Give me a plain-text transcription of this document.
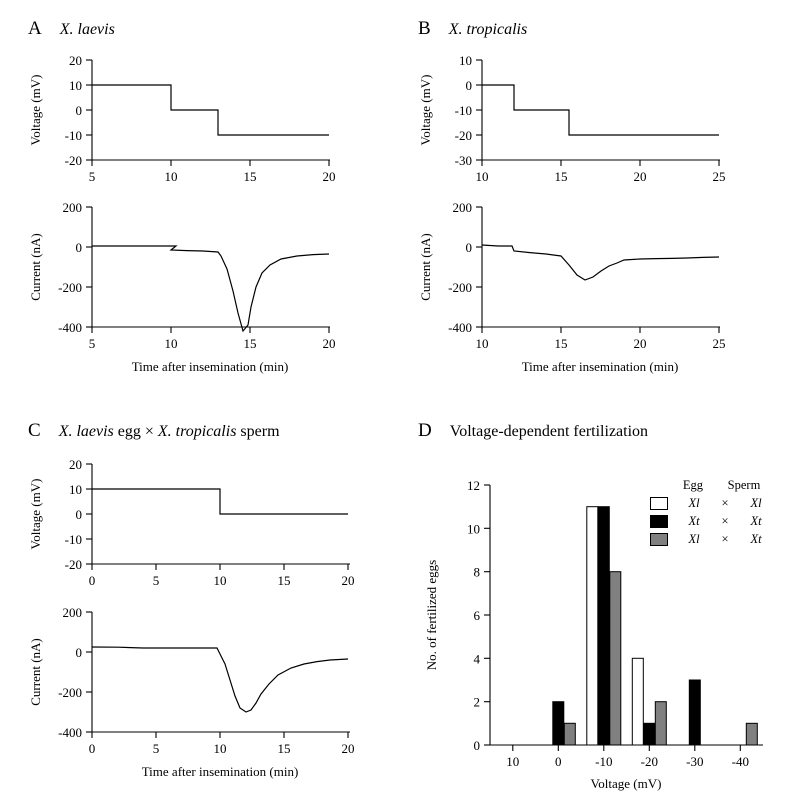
A X. laevis
20
10
0
-10
-20
5	10	15	20
Voltage (mV)
200
0
-200
-400
5	10	15	20
Current (nA)
Time after insemination (min)
B X. tropicalis
10
0
-10
-20
-30
10	15	20	25
Voltage (mV)
200
0
-200
-400
10	15	20	25
Current (nA)
Time after insemination (min)
C X. laevis egg × X. tropicalis sperm
20
10
0
-10
-20
0	5	10	15	20
Voltage (mV)
200
0
-200
-400
0	5	10	15	20
Current (nA)
Time after insemination (min)
D Voltage-dependent fertilization
0
2
4
6
8
10
12
10	0	-10 -20 -30 -40
No. of fertilized eggs
Voltage (mV)
Egg	Sperm
Xl	×	Xl
Xt	×	Xt
Xl	×	Xt
